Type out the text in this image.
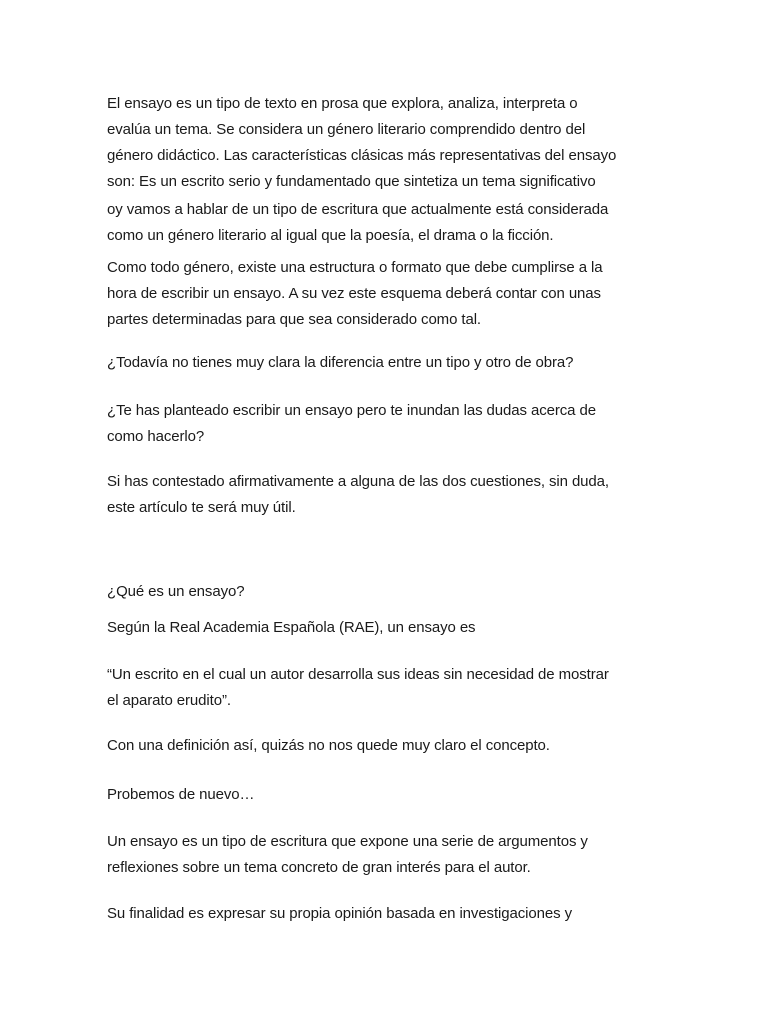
El ensayo es un tipo de texto en prosa que explora, analiza, interpreta o
evalúa un tema. Se considera un género literario comprendido dentro del
género didáctico. Las características clásicas más representativas del ensayo
son: Es un escrito serio y fundamentado que sintetiza un tema significativo

oy vamos a hablar de un tipo de escritura que actualmente está considerada
como un género literario al igual que la poesía, el drama o la ficción.

Como todo género, existe una estructura o formato que debe cumplirse a la
hora de escribir un ensayo. A su vez este esquema deberá contar con unas
partes determinadas para que sea considerado como tal.

¿Todavía no tienes muy clara la diferencia entre un tipo y otro de obra?

¿Te has planteado escribir un ensayo pero te inundan las dudas acerca de
como hacerlo?

Si has contestado afirmativamente a alguna de las dos cuestiones, sin duda,
este artículo te será muy útil.

¿Qué es un ensayo?

Según la Real Academia Española (RAE), un ensayo es

“Un escrito en el cual un autor desarrolla sus ideas sin necesidad de mostrar
el aparato erudito”.

Con una definición así, quizás no nos quede muy claro el concepto.

Probemos de nuevo…

Un ensayo es un tipo de escritura que expone una serie de argumentos y
reflexiones sobre un tema concreto de gran interés para el autor.

Su finalidad es expresar su propia opinión basada en investigaciones y
